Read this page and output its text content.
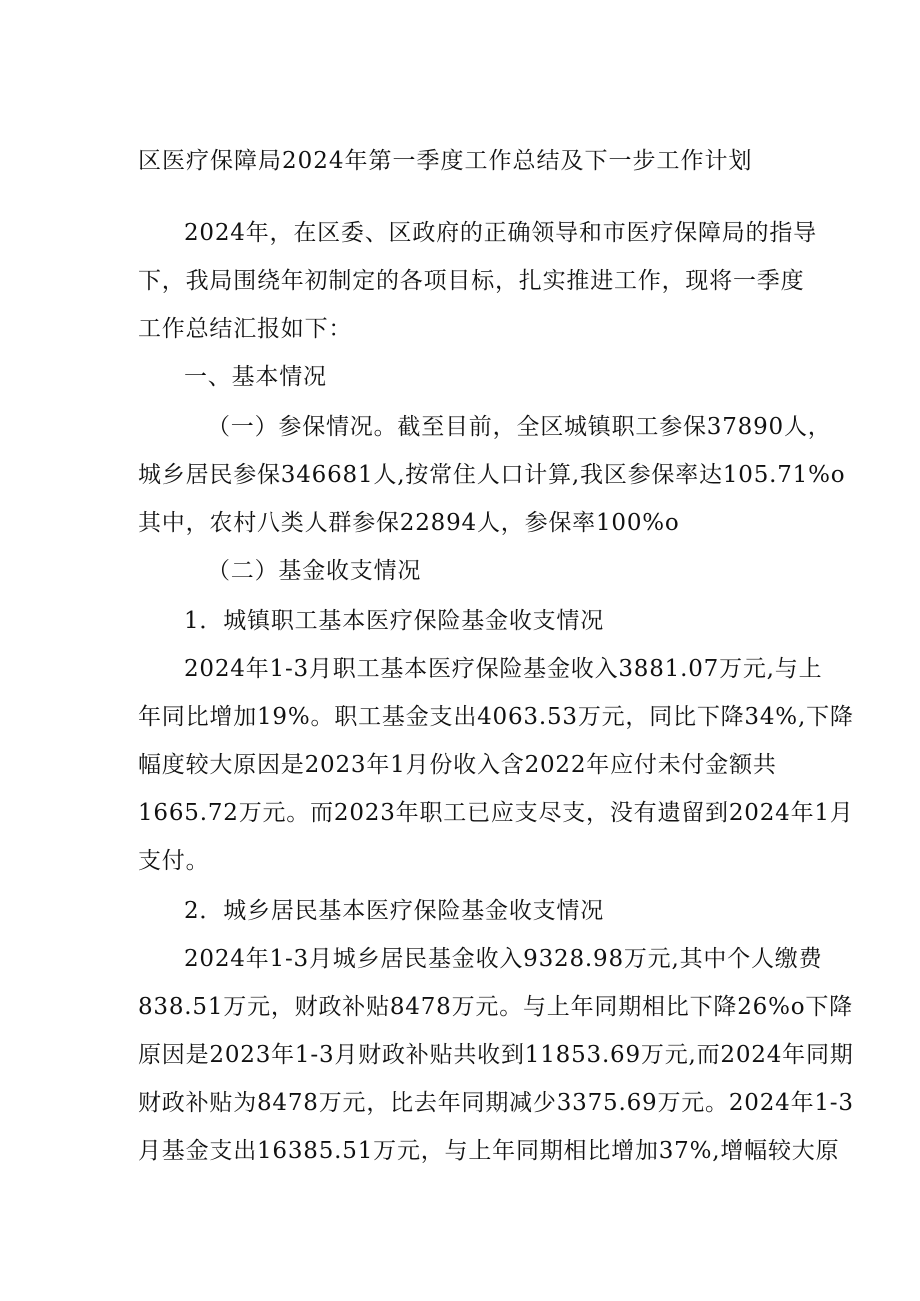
区医疗保障局2024年第一季度工作总结及下一步工作计划
2024年，在区委、区政府的正确领导和市医疗保障局的指导
下，我局围绕年初制定的各项目标，扎实推进工作，现将一季度
工作总结汇报如下：
一、基本情况
（一）参保情况。截至目前，全区城镇职工参保37890人，
城乡居民参保346681人,按常住人口计算,我区参保率达105.71%o
其中，农村八类人群参保22894人，参保率100%o
（二）基金收支情况
1．城镇职工基本医疗保险基金收支情况
2024年1-3月职工基本医疗保险基金收入3881.07万元,与上
年同比增加19%。职工基金支出4063.53万元，同比下降34%,下降
幅度较大原因是2023年1月份收入含2022年应付未付金额共
1665.72万元。而2023年职工已应支尽支，没有遗留到2024年1月
支付。
2．城乡居民基本医疗保险基金收支情况
2024年1-3月城乡居民基金收入9328.98万元,其中个人缴费
838.51万元，财政补贴8478万元。与上年同期相比下降26%o下降
原因是2023年1-3月财政补贴共收到11853.69万元,而2024年同期
财政补贴为8478万元，比去年同期减少3375.69万元。2024年1-3
月基金支出16385.51万元，与上年同期相比增加37%,增幅较大原
